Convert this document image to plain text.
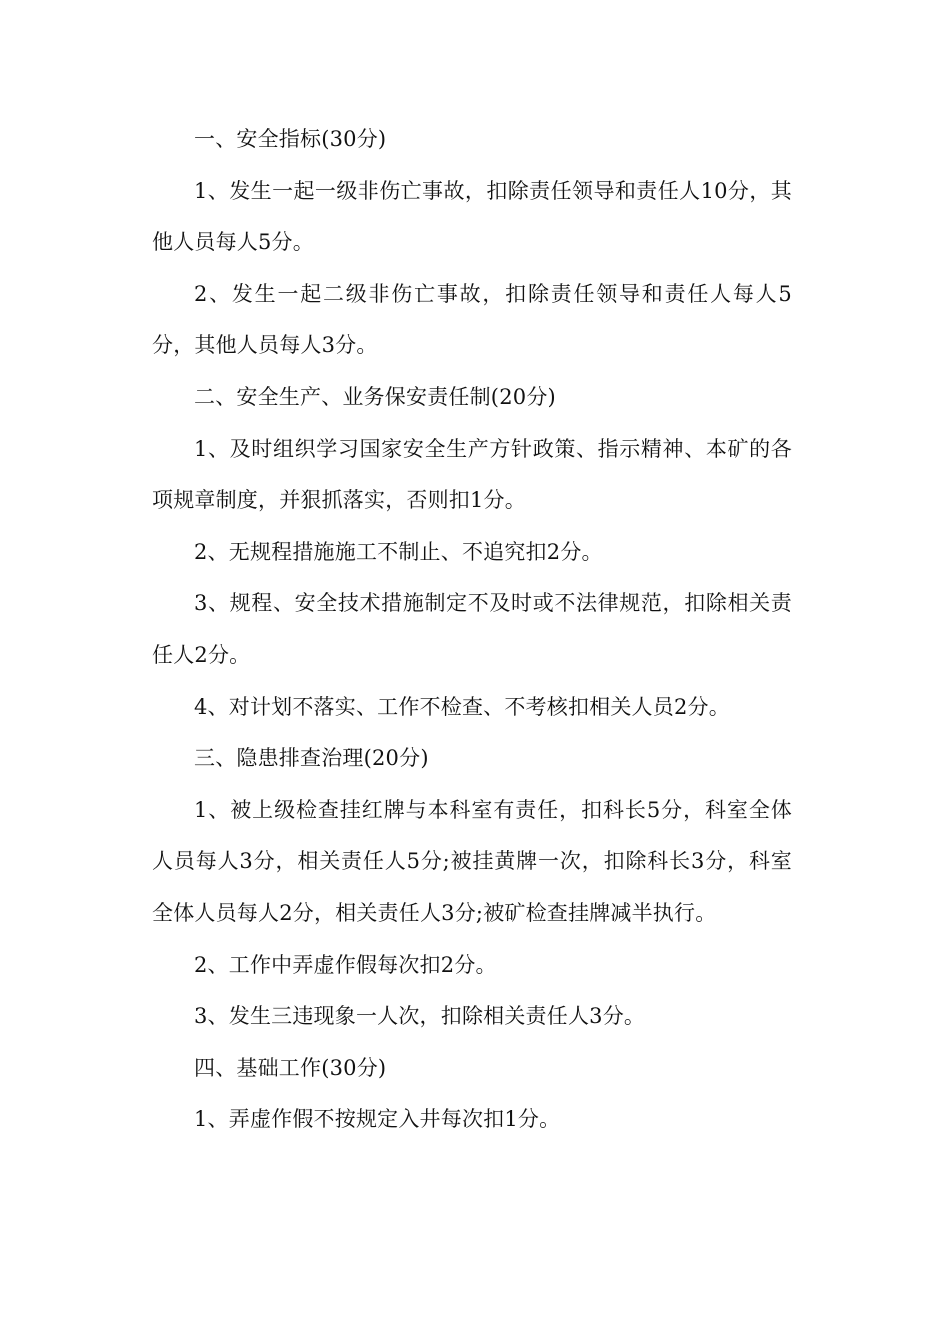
一、安全指标(30分)

1、发生一起一级非伤亡事故，扣除责任领导和责任人10分，其他人员每人5分。

2、发生一起二级非伤亡事故，扣除责任领导和责任人每人5分，其他人员每人3分。

二、安全生产、业务保安责任制(20分)

1、及时组织学习国家安全生产方针政策、指示精神、本矿的各项规章制度，并狠抓落实，否则扣1分。

2、无规程措施施工不制止、不追究扣2分。

3、规程、安全技术措施制定不及时或不法律规范，扣除相关责任人2分。

4、对计划不落实、工作不检查、不考核扣相关人员2分。

三、隐患排查治理(20分)

1、被上级检查挂红牌与本科室有责任，扣科长5分，科室全体人员每人3分，相关责任人5分;被挂黄牌一次，扣除科长3分，科室全体人员每人2分，相关责任人3分;被矿检查挂牌减半执行。

2、工作中弄虚作假每次扣2分。

3、发生三违现象一人次，扣除相关责任人3分。

四、基础工作(30分)

1、弄虚作假不按规定入井每次扣1分。
